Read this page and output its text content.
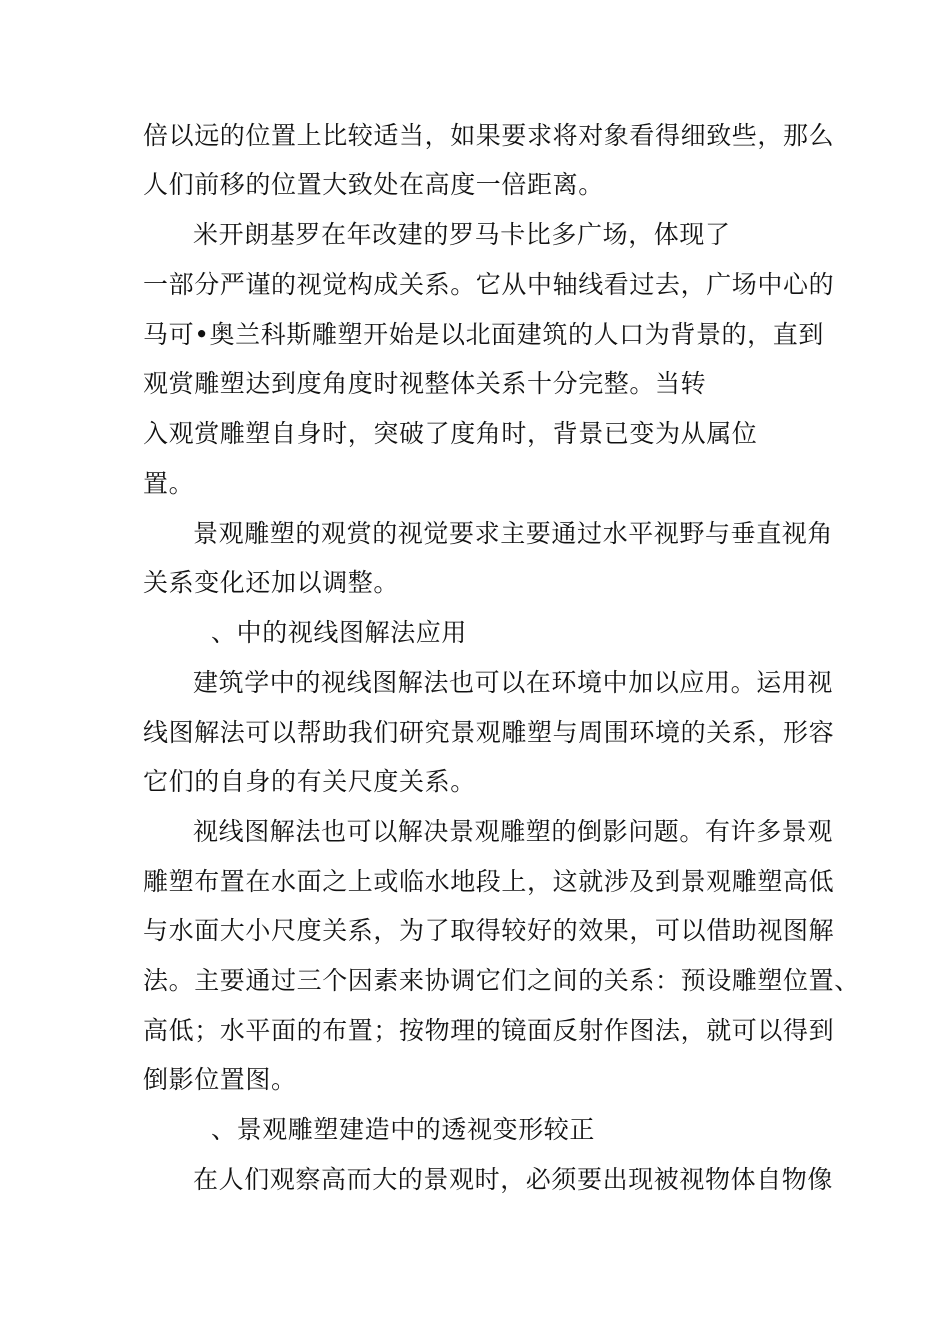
倍以远的位置上比较适当，如果要求将对象看得细致些，那么
人们前移的位置大致处在高度一倍距离。
米开朗基罗在年改建的罗马卡比多广场，体现了
一部分严谨的视觉构成关系。它从中轴线看过去，广场中心的
马可•奥兰科斯雕塑开始是以北面建筑的人口为背景的，直到
观赏雕塑达到度角度时视整体关系十分完整。当转
入观赏雕塑自身时，突破了度角时，背景已变为从属位
置。
景观雕塑的观赏的视觉要求主要通过水平视野与垂直视角
关系变化还加以调整。
、中的视线图解法应用
建筑学中的视线图解法也可以在环境中加以应用。运用视
线图解法可以帮助我们研究景观雕塑与周围环境的关系，形容
它们的自身的有关尺度关系。
视线图解法也可以解决景观雕塑的倒影问题。有许多景观
雕塑布置在水面之上或临水地段上，这就涉及到景观雕塑高低
与水面大小尺度关系，为了取得较好的效果，可以借助视图解
法。主要通过三个因素来协调它们之间的关系：预设雕塑位置、
高低；水平面的布置；按物理的镜面反射作图法，就可以得到
倒影位置图。
、景观雕塑建造中的透视变形较正
在人们观察高而大的景观时，必须要出现被视物体自物像
